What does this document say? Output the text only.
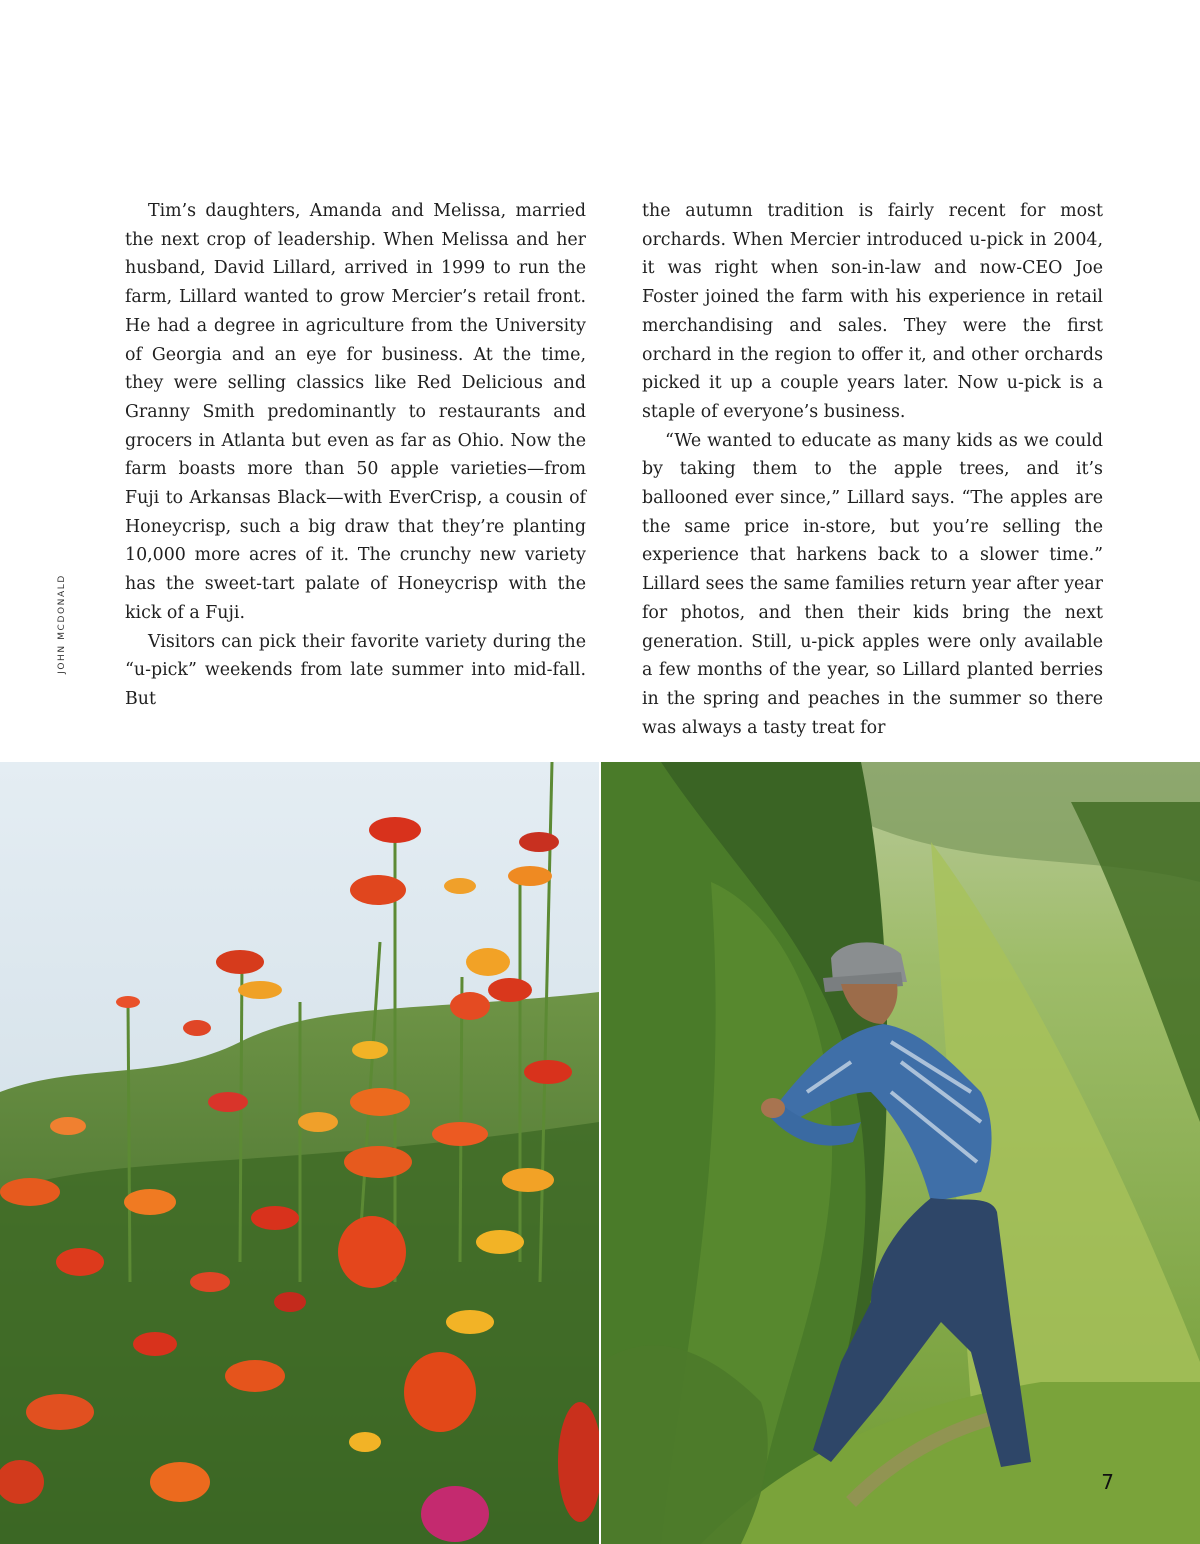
JOHN MCDONALD

Tim’s daughters, Amanda and Melissa, married the next crop of leadership. When Melissa and her husband, David Lillard, arrived in 1999 to run the farm, Lillard wanted to grow Mercier’s retail front. He had a degree in agriculture from the University of Georgia and an eye for business. At the time, they were selling classics like Red Delicious and Granny Smith predominantly to restaurants and grocers in Atlanta but even as far as Ohio. Now the farm boasts more than 50 apple varieties—from Fuji to Arkansas Black—with EverCrisp, a cousin of Honeycrisp, such a big draw that they’re planting 10,000 more acres of it. The crunchy new variety has the sweet-tart palate of Honeycrisp with the kick of a Fuji.

Visitors can pick their favorite variety during the “u-pick” weekends from late summer into mid-fall. But

the autumn tradition is fairly recent for most orchards. When Mercier introduced u-pick in 2004, it was right when son-in-law and now-CEO Joe Foster joined the farm with his experience in retail merchandising and sales. They were the first orchard in the region to offer it, and other orchards picked it up a couple years later. Now u-pick is a staple of everyone’s business.

“We wanted to educate as many kids as we could by taking them to the apple trees, and it’s ballooned ever since,” Lillard says. “The apples are the same price in-store, but you’re selling the experience that harkens back to a slower time.” Lillard sees the same families return year after year for photos, and then their kids bring the next generation. Still, u-pick apples were only available a few months of the year, so Lillard planted berries in the spring and peaches in the summer so there was always a tasty treat for

7
